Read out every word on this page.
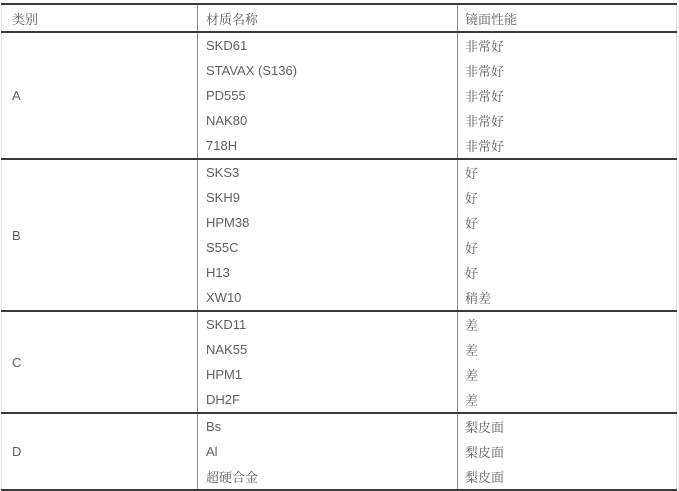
类别	材质名称	镜面性能
A	SKD61	非常好
	STAVAX (S136)	非常好
	PD555	非常好
	NAK80	非常好
	718H	非常好
B	SKS3	好
	SKH9	好
	HPM38	好
	S55C	好
	H13	好
	XW10	稍差
C	SKD11	差
	NAK55	差
	HPM1	差
	DH2F	差
D	Bs	梨皮面
	Al	梨皮面
	超硬合金	梨皮面
